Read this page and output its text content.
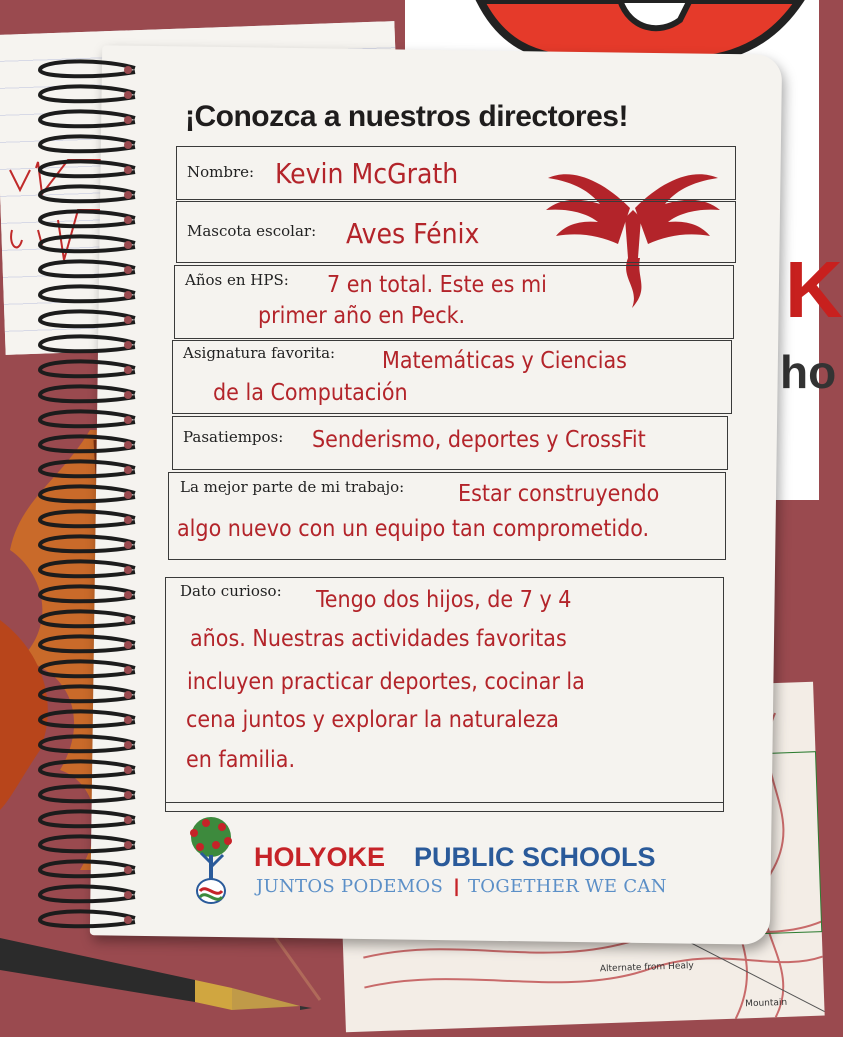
K
ho
Alternate from Healy
Mountain
¡Conozca a nuestros directores!
Nombre: Kevin McGrath
Mascota escolar: Aves Fénix
Años en HPS: 7 en total. Este es mi
primer año en Peck.
Asignatura favorita: Matemáticas y Ciencias
de la Computación
Pasatiempos: Senderismo, deportes y CrossFit
La mejor parte de mi trabajo: Estar construyendo
algo nuevo con un equipo tan comprometido.
Dato curioso: Tengo dos hijos, de 7 y 4
años. Nuestras actividades favoritas
incluyen practicar deportes, cocinar la
cena juntos y explorar la naturaleza
en familia.
HOLYOKE PUBLIC SCHOOLS
JUNTOS PODEMOS | TOGETHER WE CAN
